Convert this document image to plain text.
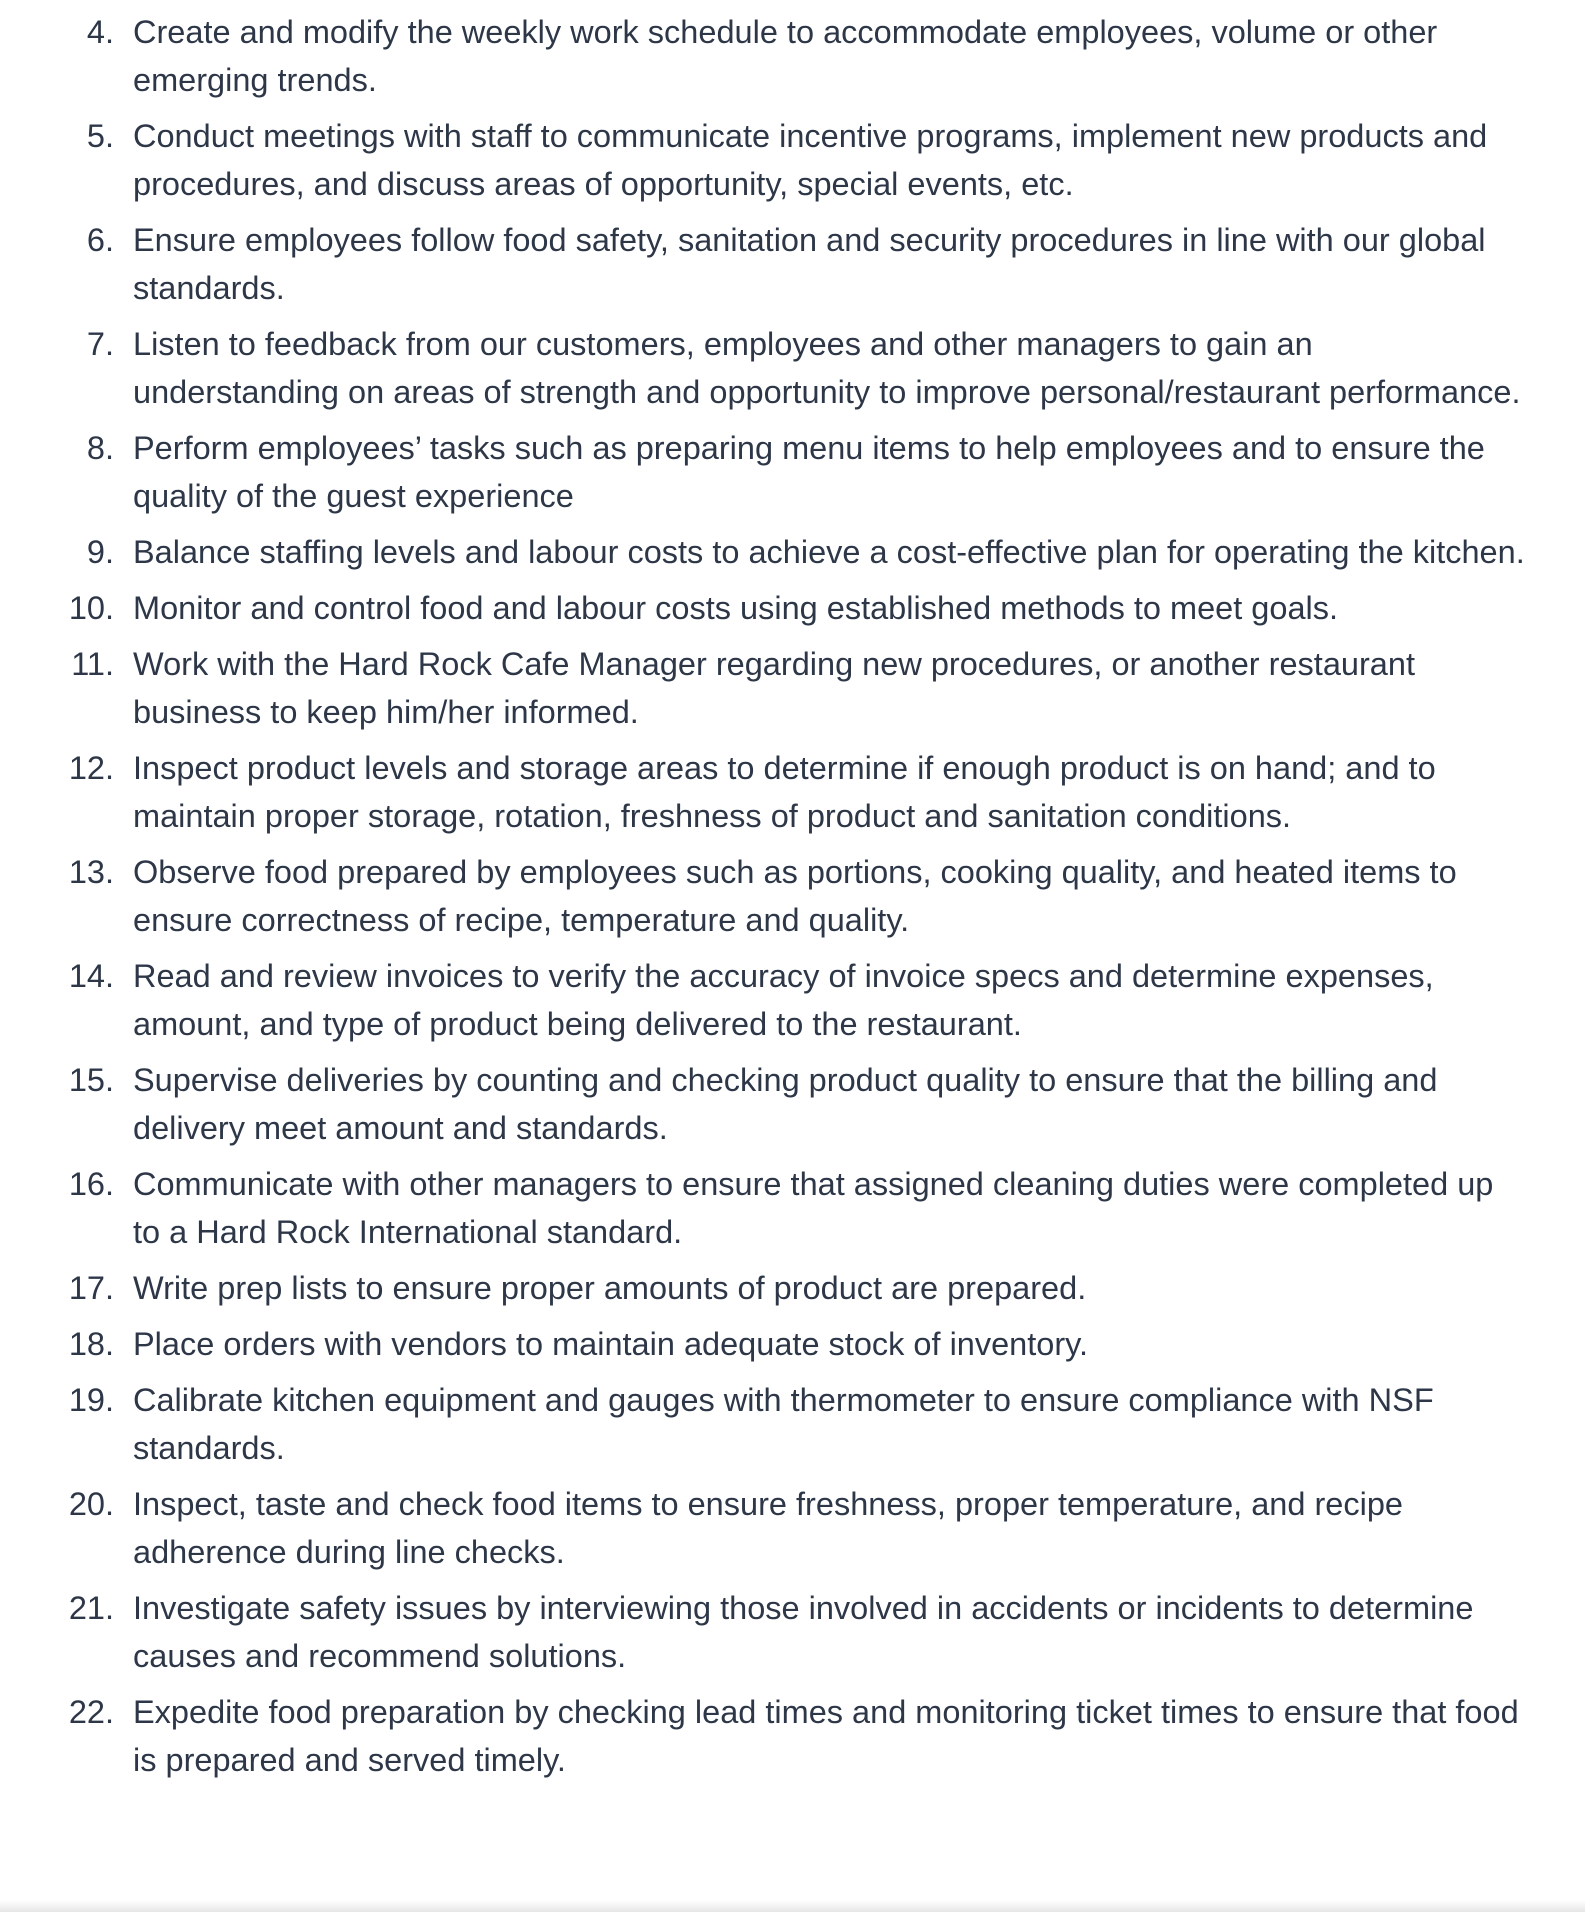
4. Create and modify the weekly work schedule to accommodate employees, volume or other emerging trends.
5. Conduct meetings with staff to communicate incentive programs, implement new products and procedures, and discuss areas of opportunity, special events, etc.
6. Ensure employees follow food safety, sanitation and security procedures in line with our global standards.
7. Listen to feedback from our customers, employees and other managers to gain an understanding on areas of strength and opportunity to improve personal/restaurant performance.
8. Perform employees’ tasks such as preparing menu items to help employees and to ensure the quality of the guest experience
9. Balance staffing levels and labour costs to achieve a cost-effective plan for operating the kitchen.
10. Monitor and control food and labour costs using established methods to meet goals.
11. Work with the Hard Rock Cafe Manager regarding new procedures, or another restaurant business to keep him/her informed.
12. Inspect product levels and storage areas to determine if enough product is on hand; and to maintain proper storage, rotation, freshness of product and sanitation conditions.
13. Observe food prepared by employees such as portions, cooking quality, and heated items to ensure correctness of recipe, temperature and quality.
14. Read and review invoices to verify the accuracy of invoice specs and determine expenses, amount, and type of product being delivered to the restaurant.
15. Supervise deliveries by counting and checking product quality to ensure that the billing and delivery meet amount and standards.
16. Communicate with other managers to ensure that assigned cleaning duties were completed up to a Hard Rock International standard.
17. Write prep lists to ensure proper amounts of product are prepared.
18. Place orders with vendors to maintain adequate stock of inventory.
19. Calibrate kitchen equipment and gauges with thermometer to ensure compliance with NSF standards.
20. Inspect, taste and check food items to ensure freshness, proper temperature, and recipe adherence during line checks.
21. Investigate safety issues by interviewing those involved in accidents or incidents to determine causes and recommend solutions.
22. Expedite food preparation by checking lead times and monitoring ticket times to ensure that food is prepared and served timely.
